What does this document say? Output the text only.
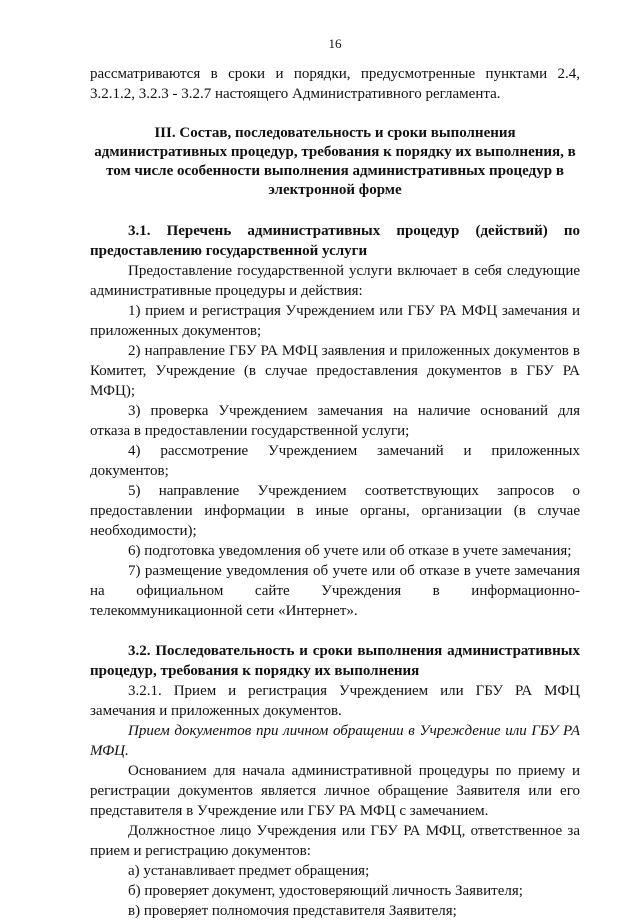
16

рассматриваются в сроки и порядки, предусмотренные пунктами 2.4, 3.2.1.2, 3.2.3 - 3.2.7 настоящего Административного регламента.

III. Состав, последовательность и сроки выполнения административных процедур, требования к порядку их выполнения, в том числе особенности выполнения административных процедур в электронной форме

3.1. Перечень административных процедур (действий) по предоставлению государственной услуги

Предоставление государственной услуги включает в себя следующие административные процедуры и действия:

1) прием и регистрация Учреждением или ГБУ РА МФЦ замечания и приложенных документов;

2) направление ГБУ РА МФЦ заявления и приложенных документов в Комитет, Учреждение (в случае предоставления документов в ГБУ РА МФЦ);

3) проверка Учреждением замечания на наличие оснований для отказа в предоставлении государственной услуги;

4) рассмотрение Учреждением замечаний и приложенных документов;

5) направление Учреждением соответствующих запросов о предоставлении информации в иные органы, организации (в случае необходимости);

6) подготовка уведомления об учете или об отказе в учете замечания;

7) размещение уведомления об учете или об отказе в учете замечания на официальном сайте Учреждения в информационно-телекоммуникационной сети «Интернет».

3.2. Последовательность и сроки выполнения административных процедур, требования к порядку их выполнения

3.2.1. Прием и регистрация Учреждением или ГБУ РА МФЦ замечания и приложенных документов.

Прием документов при личном обращении в Учреждение или ГБУ РА МФЦ.

Основанием для начала административной процедуры по приему и регистрации документов является личное обращение Заявителя или его представителя в Учреждение или ГБУ РА МФЦ с замечанием.

Должностное лицо Учреждения или ГБУ РА МФЦ, ответственное за прием и регистрацию документов:

а) устанавливает предмет обращения;

б) проверяет документ, удостоверяющий личность Заявителя;

в) проверяет полномочия представителя Заявителя;
